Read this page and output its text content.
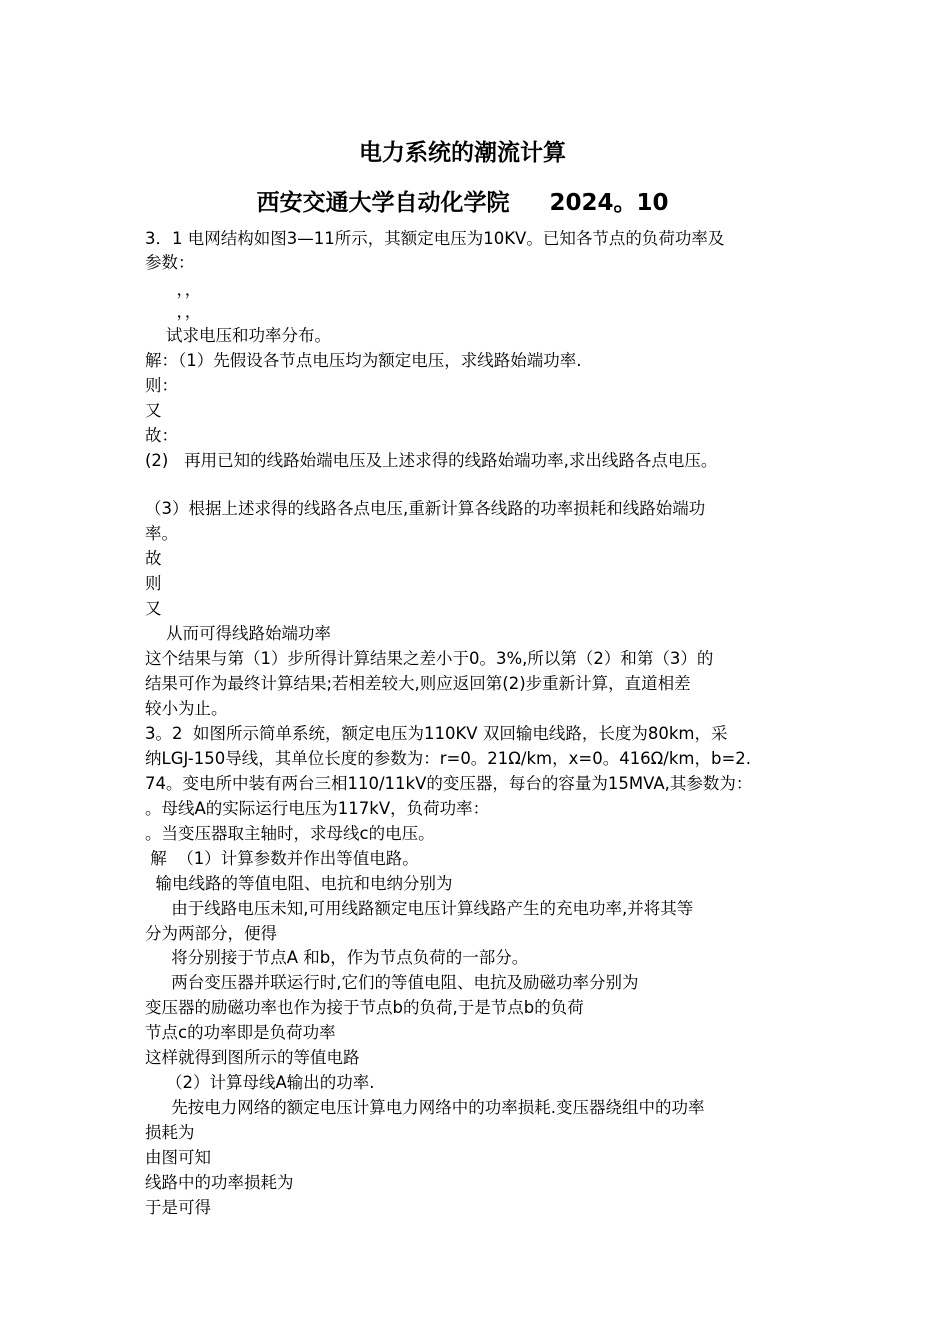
电力系统的潮流计算
西安交通大学自动化学院     2024。10
3．1 电网结构如图3—11所示，其额定电压为10KV。已知各节点的负荷功率及
参数：
，，
，，
试求电压和功率分布。
解：（1）先假设各节点电压均为额定电压，求线路始端功率.
则：
又
故：
(2)   再用已知的线路始端电压及上述求得的线路始端功率,求出线路各点电压。
（3）根据上述求得的线路各点电压,重新计算各线路的功率损耗和线路始端功
率。
故
则
又
从而可得线路始端功率
这个结果与第（1）步所得计算结果之差小于0。3%,所以第（2）和第（3）的
结果可作为最终计算结果;若相差较大,则应返回第(2)步重新计算，直道相差
较小为止。
3。2  如图所示简单系统，额定电压为110KV 双回输电线路，长度为80km，采
纳LGJ-150导线，其单位长度的参数为：r=0。21Ω/km，x=0。416Ω/km，b=2.
74。变电所中装有两台三相110/11kV的变压器，每台的容量为15MVA,其参数为：
。母线A的实际运行电压为117kV，负荷功率：
。当变压器取主轴时，求母线c的电压。
解  （1）计算参数并作出等值电路。
输电线路的等值电阻、电抗和电纳分别为
由于线路电压未知,可用线路额定电压计算线路产生的充电功率,并将其等
分为两部分，便得
将分别接于节点A 和b，作为节点负荷的一部分。
两台变压器并联运行时,它们的等值电阻、电抗及励磁功率分别为
变压器的励磁功率也作为接于节点b的负荷,于是节点b的负荷
节点c的功率即是负荷功率
这样就得到图所示的等值电路
（2）计算母线A输出的功率.
先按电力网络的额定电压计算电力网络中的功率损耗.变压器绕组中的功率
损耗为
由图可知
线路中的功率损耗为
于是可得
